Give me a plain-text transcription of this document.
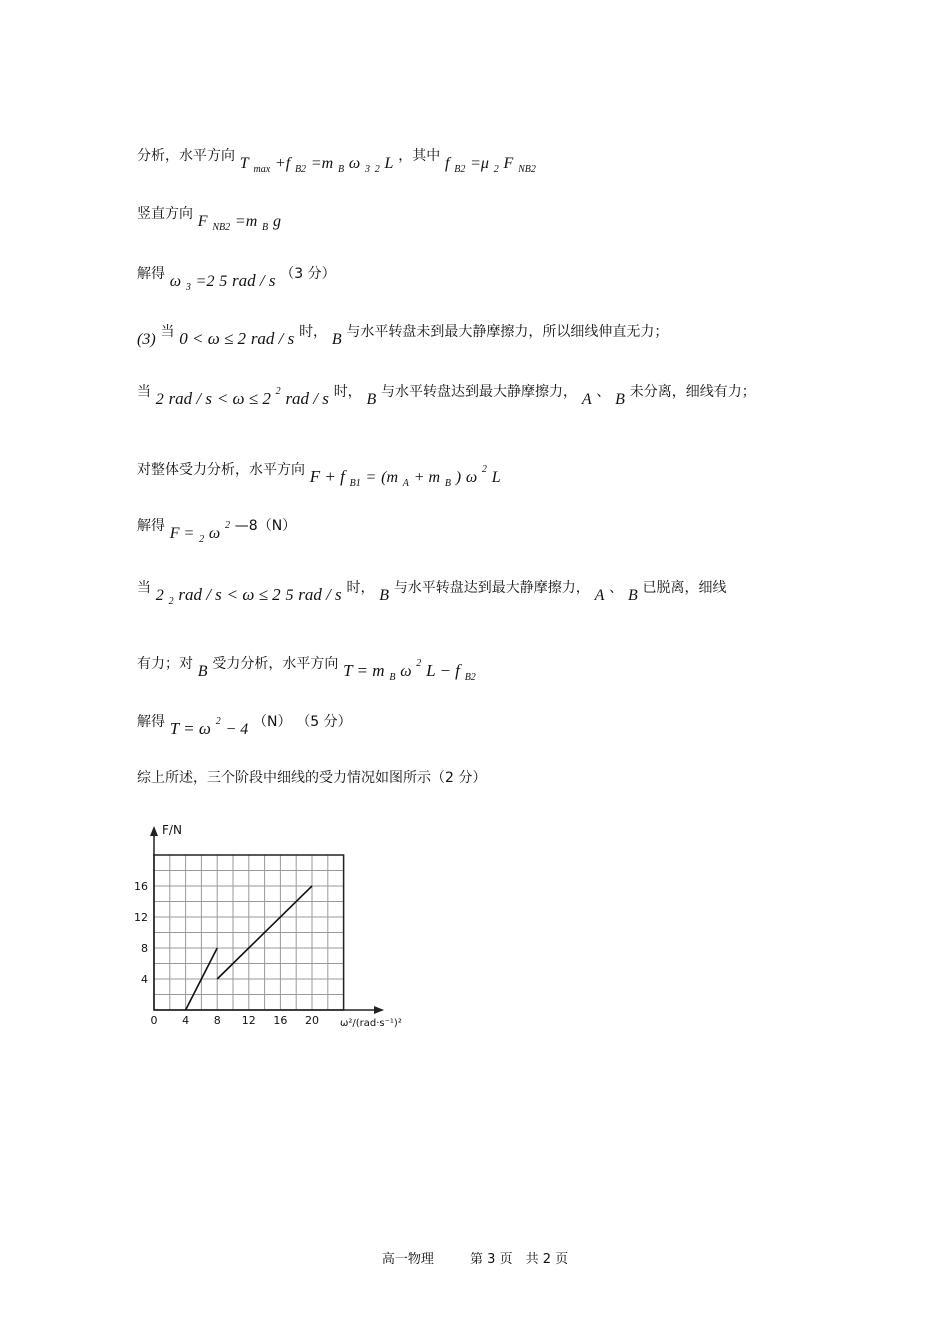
分析，水平方向 T $_{max}$ +f $_{B2}$ =m $_B$ ω $_3$ $_2$ L ，其中 f $_{B2}$ =μ $_2$ F $_{NB2}$
竖直方向 F $_{NB2}$ =m $_B$ g
解得 ω $_3$ =2 5 rad / s （3 分）
(3) 当 0 < ω ≤ 2 rad / s 时， B 与水平转盘未到最大静摩擦力，所以细线伸直无力；
当 2 rad / s < ω ≤ 2 2 rad / s 时， B 与水平转盘达到最大静摩擦力， A 、 B 未分离，细线有力；
对整体受力分析，水平方向 F + f $_{B1}$ = (m $_A$ + m $_B$ ) ω 2 L
解得 F = $_2$ ω 2 —8（N）
当 2 $_2$ rad / s < ω ≤ 2 5 rad / s 时， B 与水平转盘达到最大静摩擦力， A 、 B 已脱离，细线
有力；对 B 受力分析，水平方向 T = m $_B$ ω 2 L − f $_{B2}$
解得 T = ω 2 − 4 （N） （5 分）
综上所述，三个阶段中细线的受力情况如图所示（2 分）
0 4 8 12 16 20
4
8
12
16
F/N
ω²/(rad·s⁻¹)²
高一物理	第 3 页　共 2 页
